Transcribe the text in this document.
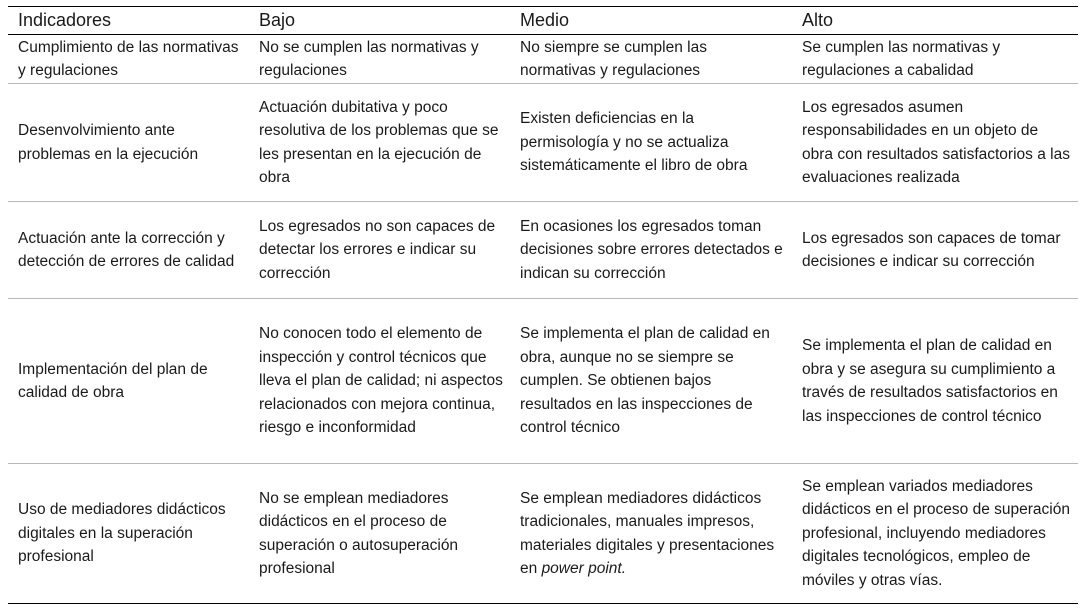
Indicadores	Bajo	Medio	Alto
Cumplimiento de las normativas y regulaciones	No se cumplen las normativas y regulaciones	No siempre se cumplen las normativas y regulaciones	Se cumplen las normativas y regulaciones a cabalidad
Desenvolvimiento ante problemas en la ejecución	Actuación dubitativa y poco resolutiva de los problemas que se les presentan en la ejecución de obra	Existen deficiencias en la permisología y no se actualiza sistemáticamente el libro de obra	Los egresados asumen responsabilidades en un objeto de obra con resultados satisfactorios a las evaluaciones realizada
Actuación ante la corrección y detección de errores de calidad	Los egresados no son capaces de detectar los errores e indicar su corrección	En ocasiones los egresados toman decisiones sobre errores detectados e indican su corrección	Los egresados son capaces de tomar decisiones e indicar su corrección
Implementación del plan de calidad de obra	No conocen todo el elemento de inspección y control técnicos que lleva el plan de calidad; ni aspectos relacionados con mejora continua, riesgo e inconformidad	Se implementa el plan de calidad en obra, aunque no se siempre se cumplen. Se obtienen bajos resultados en las inspecciones de control técnico	Se implementa el plan de calidad en obra y se asegura su cumplimiento a través de resultados satisfactorios en las inspecciones de control técnico
Uso de mediadores didácticos digitales en la superación profesional	No se emplean mediadores didácticos en el proceso de superación o autosuperación profesional	Se emplean mediadores didácticos tradicionales, manuales impresos, materiales digitales y presentaciones en power point.	Se emplean variados mediadores didácticos en el proceso de superación profesional, incluyendo mediadores digitales tecnológicos, empleo de móviles y otras vías.
